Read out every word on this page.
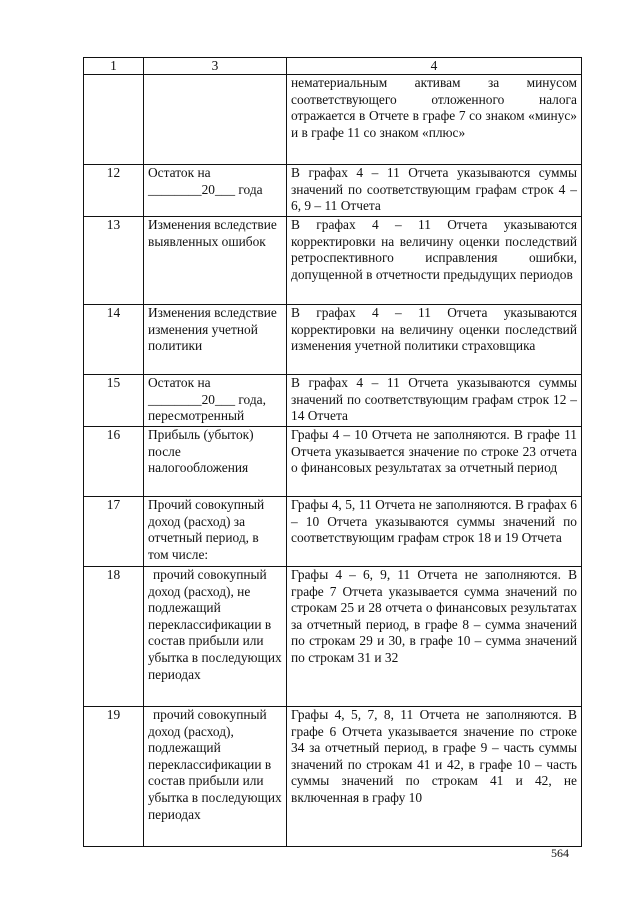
1	3	4
		нематериальным активам за минусом соответствующего отложенного налога отражается в Отчете в графе 7 со знаком «минус» и в графе 11 со знаком «плюс»
12	Остаток на ________20___ года	В графах 4 – 11 Отчета указываются суммы значений по соответствующим графам строк 4 – 6, 9 – 11 Отчета
13	Изменения вследствие выявленных ошибок	В графах 4 – 11 Отчета указываются корректировки на величину оценки последствий ретроспективного исправления ошибки, допущенной в отчетности предыдущих периодов
14	Изменения вследствие изменения учетной политики	В графах 4 – 11 Отчета указываются корректировки на величину оценки последствий изменения учетной политики страховщика
15	Остаток на ________20___ года, пересмотренный	В графах 4 – 11 Отчета указываются суммы значений по соответствующим графам строк 12 – 14 Отчета
16	Прибыль (убыток) после налогообложения	Графы 4 – 10 Отчета не заполняются. В графе 11 Отчета указывается значение по строке 23 отчета о финансовых результатах за отчетный период
17	Прочий совокупный доход (расход) за отчетный период, в том числе:	Графы 4, 5, 11 Отчета не заполняются. В графах 6 – 10 Отчета указываются суммы значений по соответствующим графам строк 18 и 19 Отчета
18	прочий совокупный доход (расход), не подлежащий переклассификации в состав прибыли или убытка в последующих периодах	Графы 4 – 6, 9, 11 Отчета не заполняются. В графе 7 Отчета указывается сумма значений по строкам 25 и 28 отчета о финансовых результатах за отчетный период, в графе 8 – сумма значений по строкам 29 и 30, в графе 10 – сумма значений по строкам 31 и 32
19	прочий совокупный доход (расход), подлежащий переклассификации в состав прибыли или убытка в последующих периодах	Графы 4, 5, 7, 8, 11 Отчета не заполняются. В графе 6 Отчета указывается значение по строке 34 за отчетный период, в графе 9 – часть суммы значений по строкам 41 и 42, в графе 10 – часть суммы значений по строкам 41 и 42, не включенная в графу 10
564
